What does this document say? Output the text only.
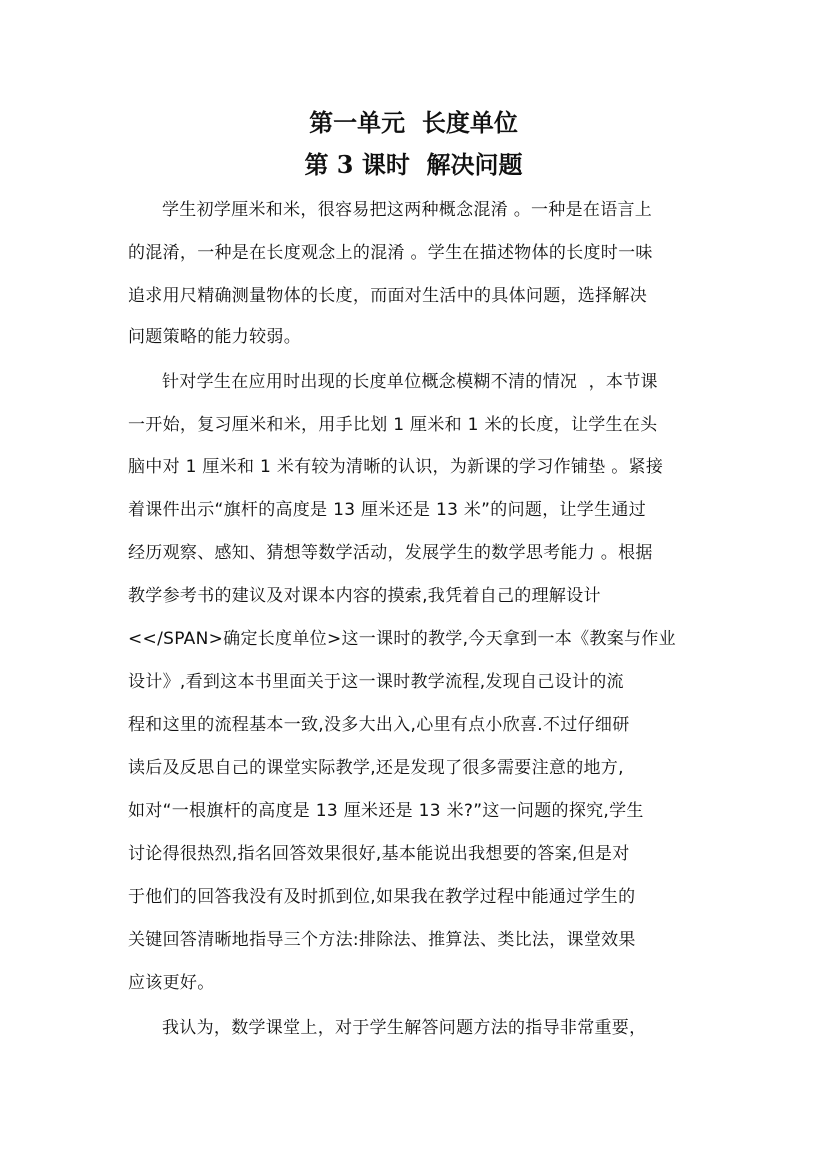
第一单元  长度单位
第 3 课时  解决问题
学生初学厘米和米，很容易把这两种概念混淆 。一种是在语言上
的混淆，一种是在长度观念上的混淆 。学生在描述物体的长度时一味
追求用尺精确测量物体的长度，而面对生活中的具体问题，选择解决
问题策略的能力较弱。
针对学生在应用时出现的长度单位概念模糊不清的情况  ，本节课
一开始，复习厘米和米，用手比划 1 厘米和 1 米的长度，让学生在头
脑中对 1 厘米和 1 米有较为清晰的认识，为新课的学习作铺垫 。紧接
着课件出示“旗杆的高度是 13 厘米还是 13 米”的问题，让学生通过
经历观察、感知、猜想等数学活动，发展学生的数学思考能力 。根据
教学参考书的建议及对课本内容的摸索,我凭着自己的理解设计
<</SPAN>确定长度单位>这一课时的教学,今天拿到一本《教案与作业
设计》,看到这本书里面关于这一课时教学流程,发现自己设计的流
程和这里的流程基本一致,没多大出入,心里有点小欣喜.不过仔细研
读后及反思自己的课堂实际教学,还是发现了很多需要注意的地方,
如对“一根旗杆的高度是 13 厘米还是 13 米?”这一问题的探究,学生
讨论得很热烈,指名回答效果很好,基本能说出我想要的答案,但是对
于他们的回答我没有及时抓到位,如果我在教学过程中能通过学生的
关键回答清晰地指导三个方法:排除法、推算法、类比法，课堂效果
应该更好。
我认为，数学课堂上，对于学生解答问题方法的指导非常重要，
